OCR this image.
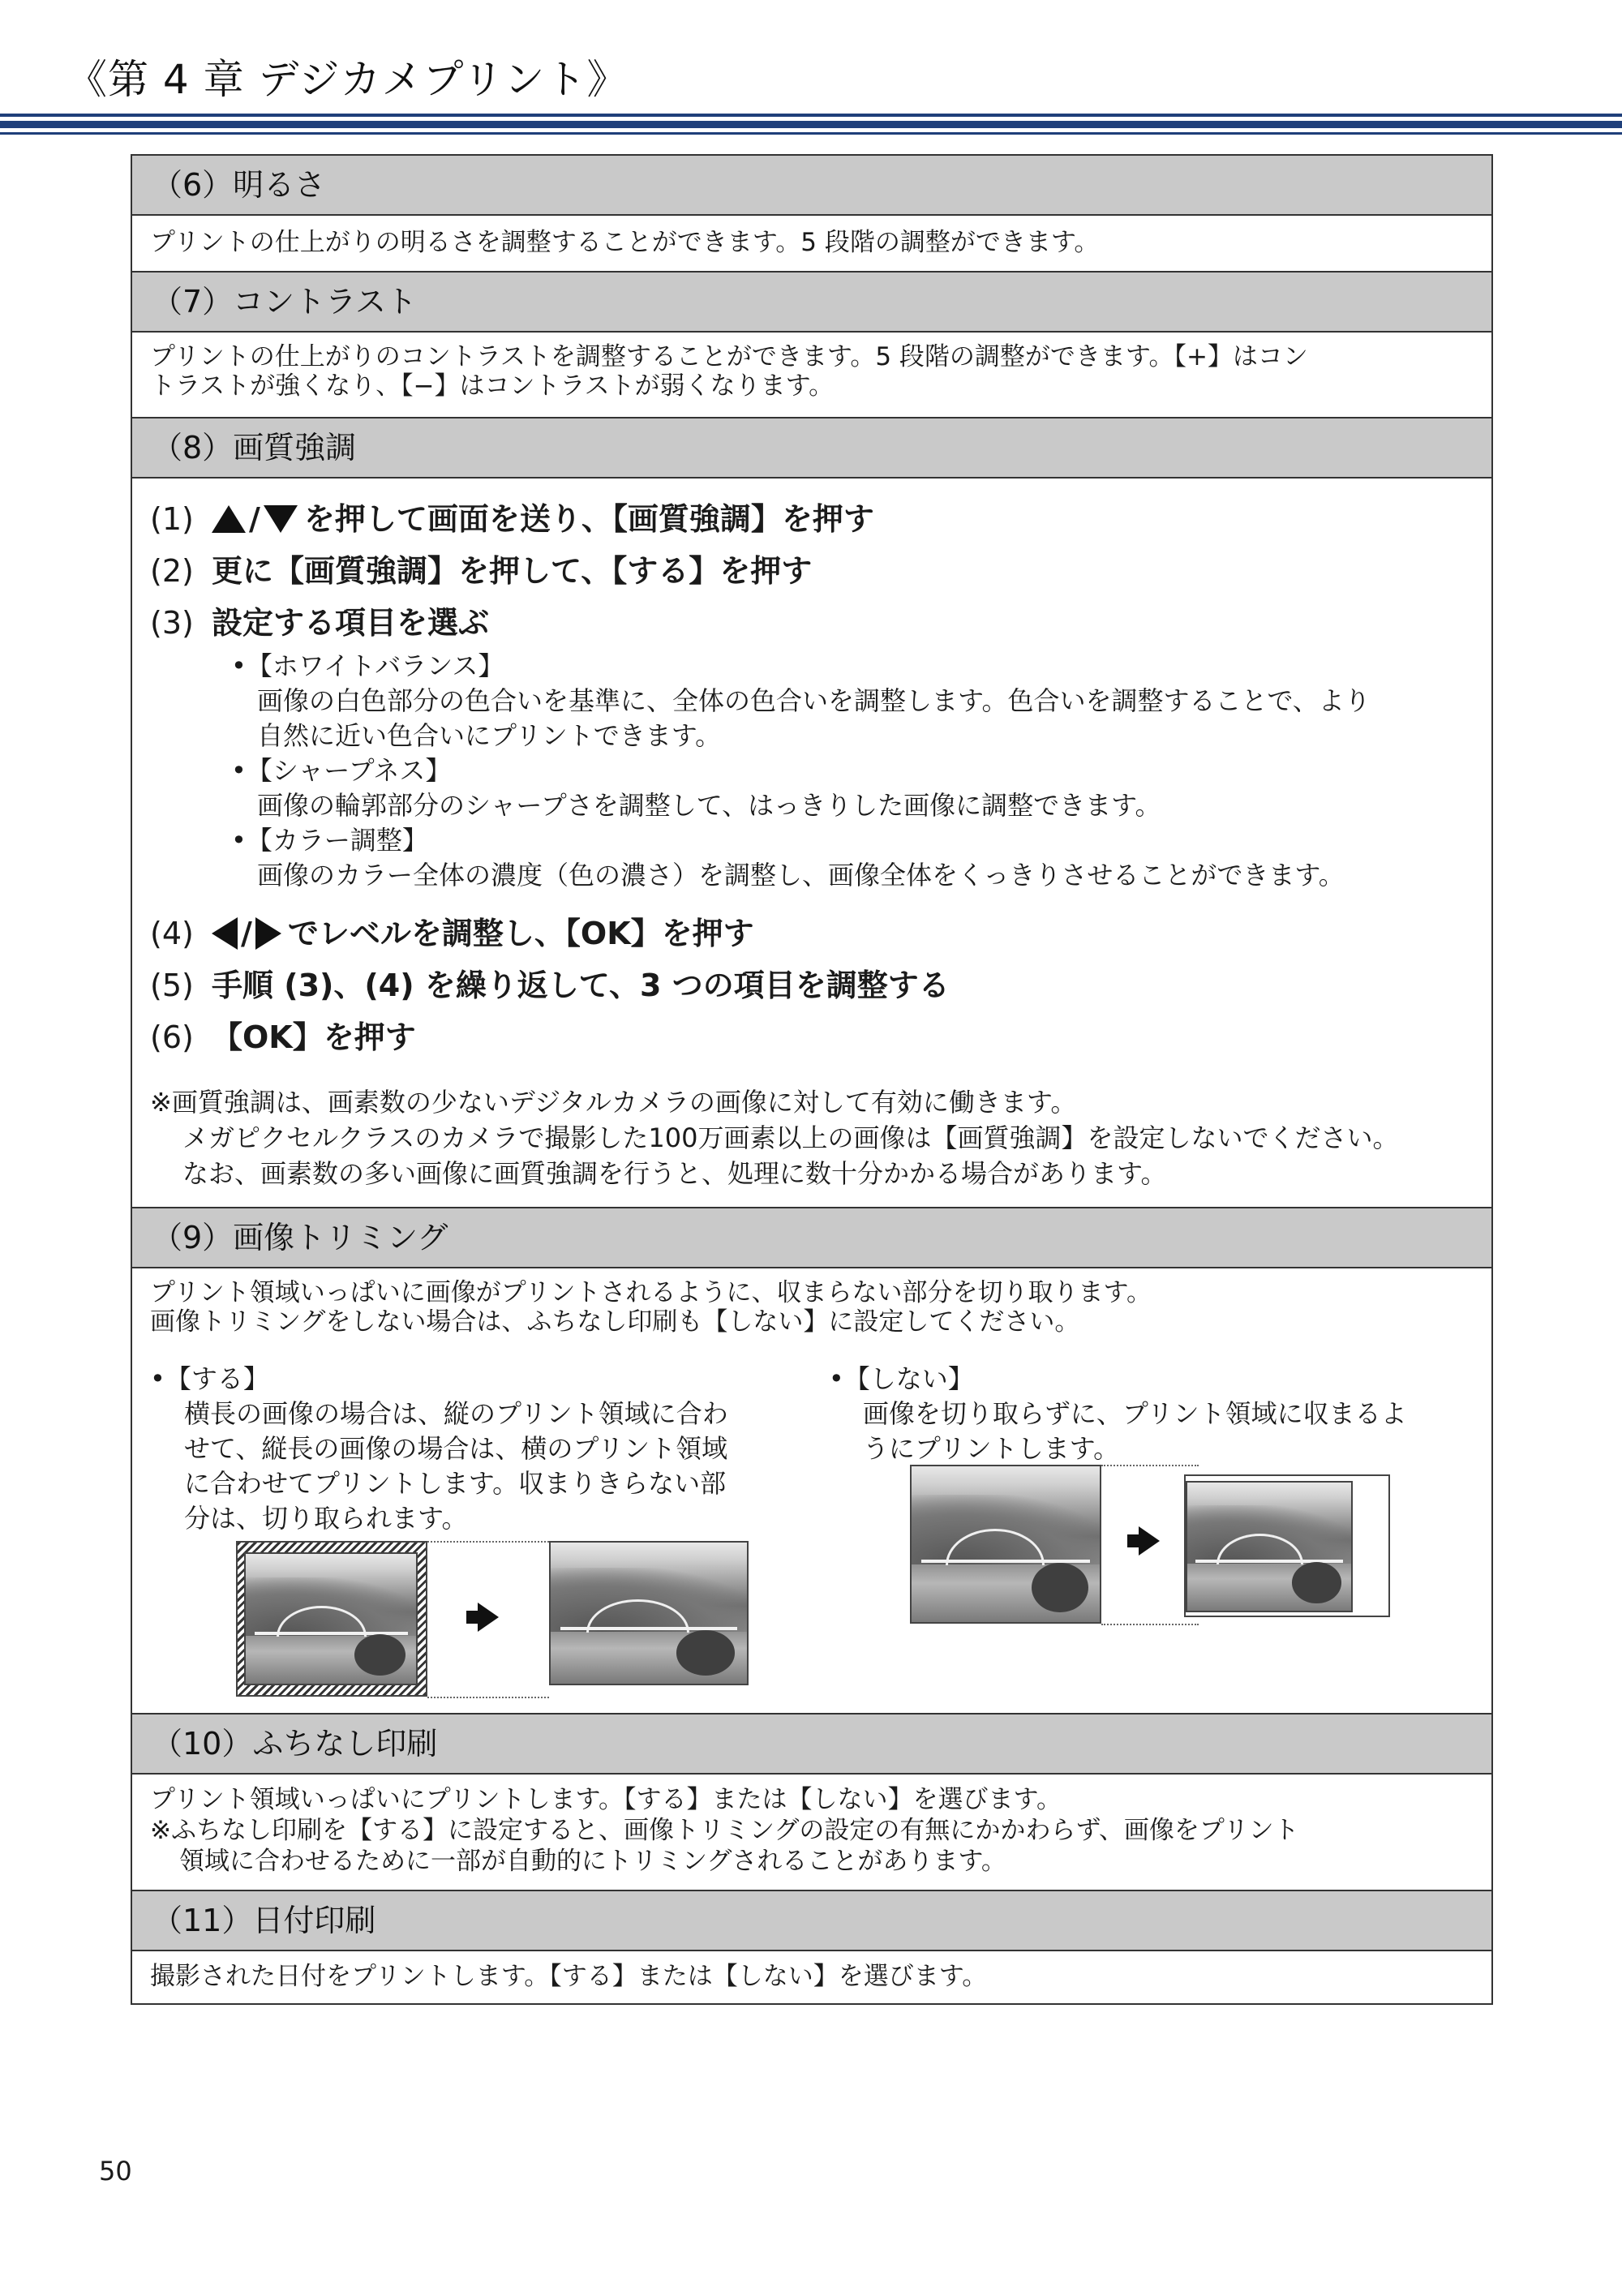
《第 4 章 デジカメプリント》
（6）明るさ
プリントの仕上がりの明るさを調整することができます。5 段階の調整ができます。
（7）コントラスト
プリントの仕上がりのコントラストを調整することができます。5 段階の調整ができます。【+】はコン
トラストが強くなり、【−】はコントラストが弱くなります。
（8）画質強調
(1)	/ を押して画面を送り、【画質強調】を押す
(2) 更に【画質強調】を押して、【する】を押す
(3) 設定する項目を選ぶ
•【ホワイトバランス】
画像の白色部分の色合いを基準に、全体の色合いを調整します。色合いを調整することで、より
自然に近い色合いにプリントできます。
•【シャープネス】
画像の輪郭部分のシャープさを調整して、はっきりした画像に調整できます。
•【カラー調整】
画像のカラー全体の濃度（色の濃さ）を調整し、画像全体をくっきりさせることができます。
(4)	/ でレベルを調整し、【OK】を押す
(5) 手順 (3)、(4) を繰り返して、3 つの項目を調整する
(6) 【OK】を押す
※画質強調は、画素数の少ないデジタルカメラの画像に対して有効に働きます。
メガピクセルクラスのカメラで撮影した100万画素以上の画像は【画質強調】を設定しないでください。
なお、画素数の多い画像に画質強調を行うと、処理に数十分かかる場合があります。
（9）画像トリミング
プリント領域いっぱいに画像がプリントされるように、収まらない部分を切り取ります。
画像トリミングをしない場合は、ふちなし印刷も【しない】に設定してください。
•【する】
横長の画像の場合は、縦のプリント領域に合わ
せて、縦長の画像の場合は、横のプリント領域
に合わせてプリントします。収まりきらない部
分は、切り取られます。
•【しない】
画像を切り取らずに、プリント領域に収まるよ
うにプリントします。
（10）ふちなし印刷
プリント領域いっぱいにプリントします。【する】または【しない】を選びます。
※ふちなし印刷を【する】に設定すると、画像トリミングの設定の有無にかかわらず、画像をプリント
領域に合わせるために一部が自動的にトリミングされることがあります。
（11）日付印刷
撮影された日付をプリントします。【する】または【しない】を選びます。
50
